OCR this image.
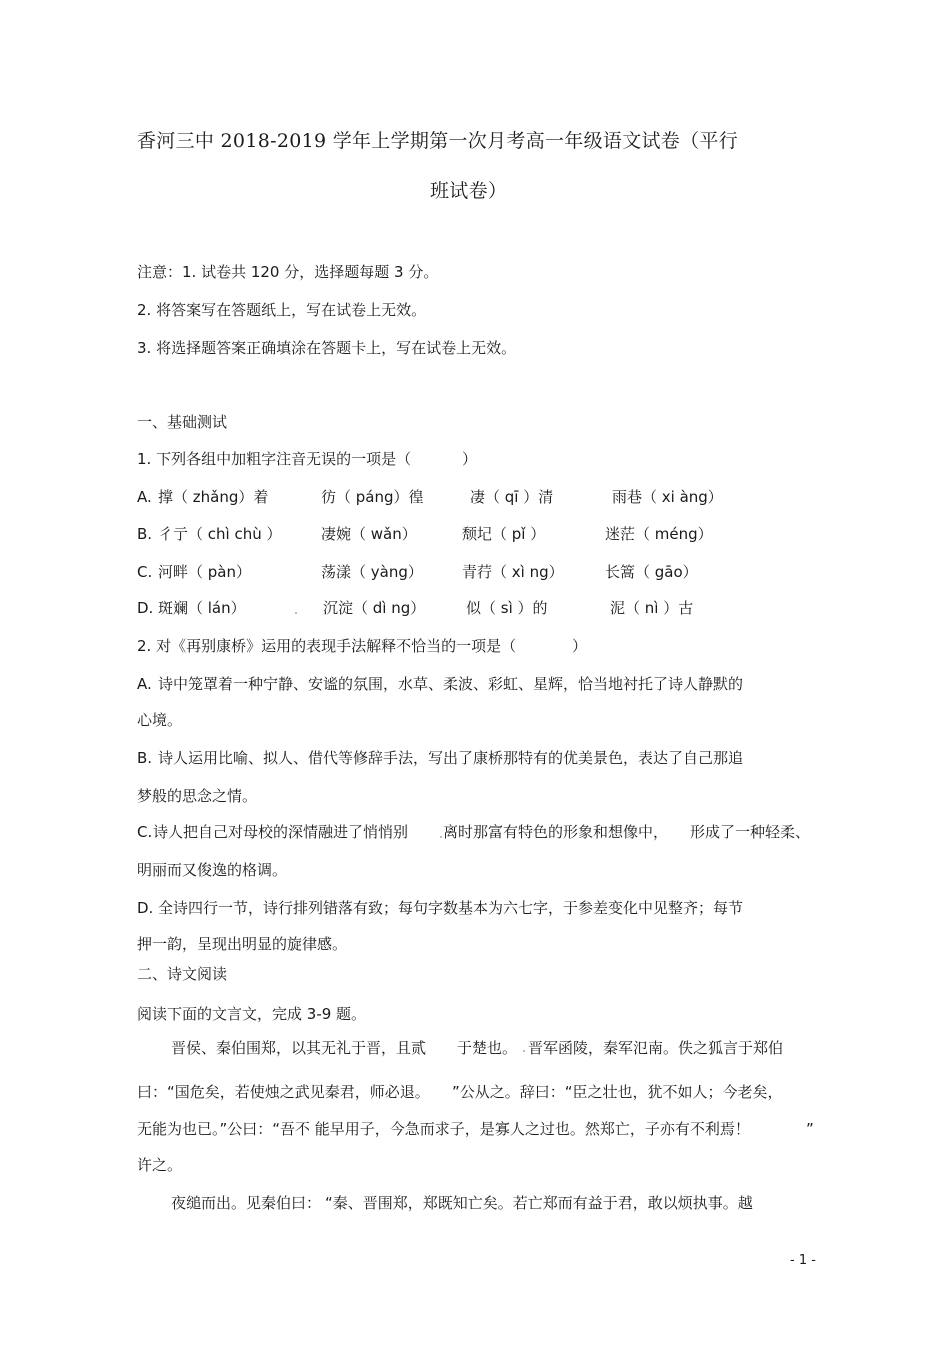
香河三中 2018-2019 学年上学期第一次月考高一年级语文试卷（平行
班试卷）
注意：1. 试卷共 120 分，选择题每题 3 分。
2. 将答案写在答题纸上，写在试卷上无效。
3. 将选择题答案正确填涂在答题卡上，写在试卷上无效。
一、基础测试
1. 下列各组中加粗字注音无误的一项是（	）
A. 撑（ zhǎng）着	彷（ páng）徨	凄（ qī ）清	雨巷（ xi àng）
B. 彳亍（ chì chù ）	凄婉（ wǎn）	颓圮（ pǐ ）	迷茫（ méng）
C. 河畔（ pàn）	荡漾（ yàng）	青荇（ xì ng）	长篙（ gāo）
D. 斑斓（ lán）	沉淀（ dì ng）	似（ sì ）的	泥（ nì ）古
2. 对《再别康桥》运用的表现手法解释不恰当的一项是（	）
A. 诗中笼罩着一种宁静、安谧的氛围，水草、柔波、彩虹、星辉，恰当地衬托了诗人静默的
心境。
B. 诗人运用比喻、拟人、借代等修辞手法，写出了康桥那特有的优美景色，表达了自己那追
梦般的思念之情。
C. 诗人把自己对母校的深情融进了悄悄别 离时那富有特色的形象和想像中， 形成了一种轻柔、
明丽而又俊逸的格调。
D. 全诗四行一节，诗行排列错落有致；每句字数基本为六七字，于参差变化中见整齐；每节
押一韵，呈现出明显的旋律感。
二、诗文阅读
阅读下面的文言文，完成 3-9 题。
晋侯、秦伯围郑，以其无礼于晋，且贰 于楚也。 晋军函陵，秦军氾南。佚之狐言于郑伯
曰：“国危矣，若使烛之武见秦君，师必退。 ”公从之。辞曰：“臣之壮也，犹不如人；今老矣，
无能为也已。”公曰：“吾不 能早用子，今急而求子，是寡人之过也。然郑亡，子亦有不利焉！	”
许之。
夜缒而出。见秦伯曰： “秦、晋围郑，郑既知亡矣。若亡郑而有益于君，敢以烦执事。越
- 1 -
